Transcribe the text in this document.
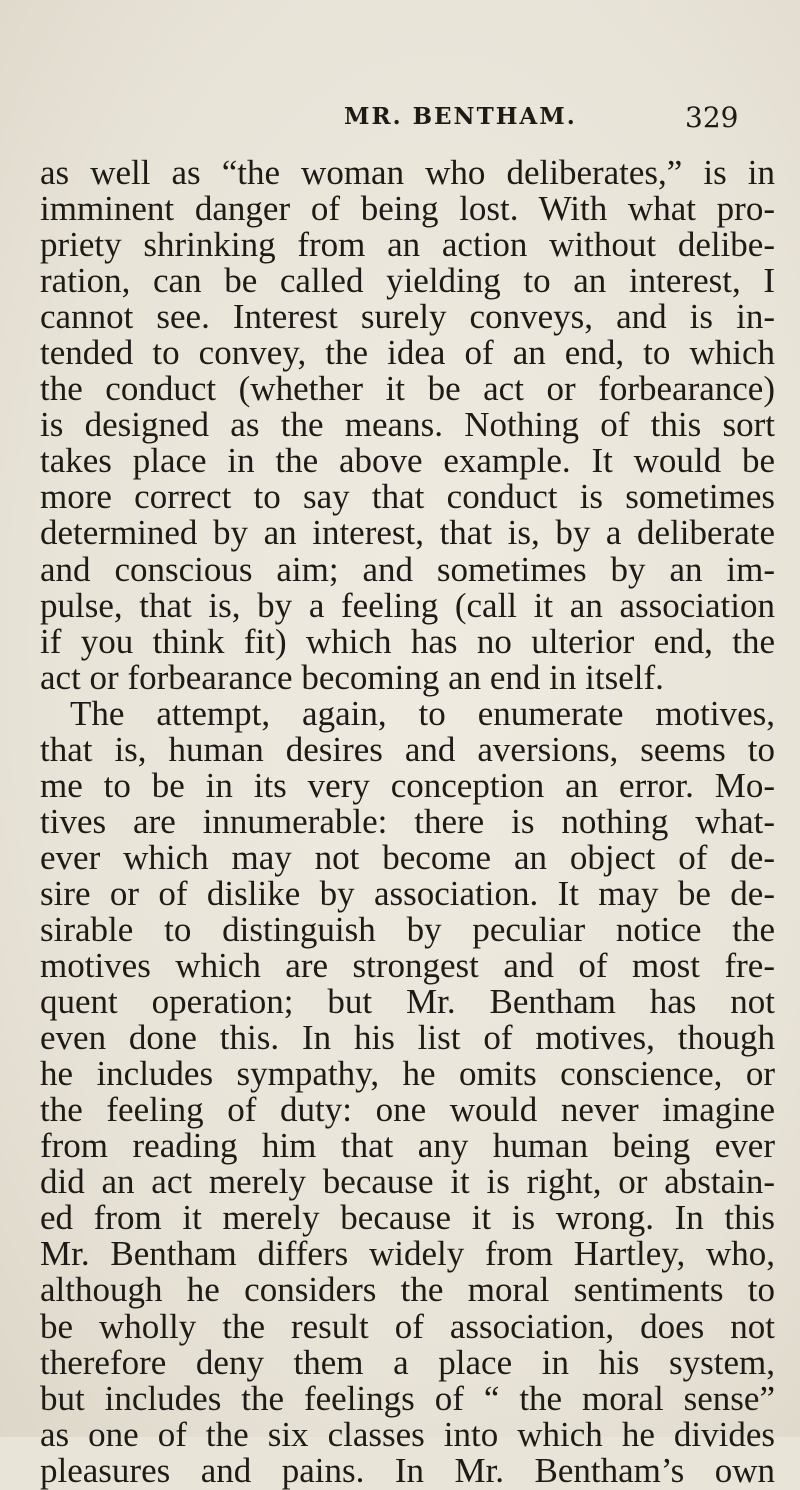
MR. BENTHAM.	329
as well as “the woman who deliberates,” is in
imminent danger of being lost. With what pro-
priety shrinking from an action without delibe-
ration, can be called yielding to an interest, I
cannot see. Interest surely conveys, and is in-
tended to convey, the idea of an end, to which
the conduct (whether it be act or forbearance)
is designed as the means. Nothing of this sort
takes place in the above example. It would be
more correct to say that conduct is sometimes
determined by an interest, that is, by a deliberate
and conscious aim; and sometimes by an im-
pulse, that is, by a feeling (call it an association
if you think fit) which has no ulterior end, the
act or forbearance becoming an end in itself.
The attempt, again, to enumerate motives,
that is, human desires and aversions, seems to
me to be in its very conception an error. Mo-
tives are innumerable: there is nothing what-
ever which may not become an object of de-
sire or of dislike by association. It may be de-
sirable to distinguish by peculiar notice the
motives which are strongest and of most fre-
quent operation; but Mr. Bentham has not
even done this. In his list of motives, though
he includes sympathy, he omits conscience, or
the feeling of duty: one would never imagine
from reading him that any human being ever
did an act merely because it is right, or abstain-
ed from it merely because it is wrong. In this
Mr. Bentham differs widely from Hartley, who,
although he considers the moral sentiments to
be wholly the result of association, does not
therefore deny them a place in his system,
but includes the feelings of “ the moral sense”
as one of the six classes into which he divides
pleasures and pains. In Mr. Bentham’s own
